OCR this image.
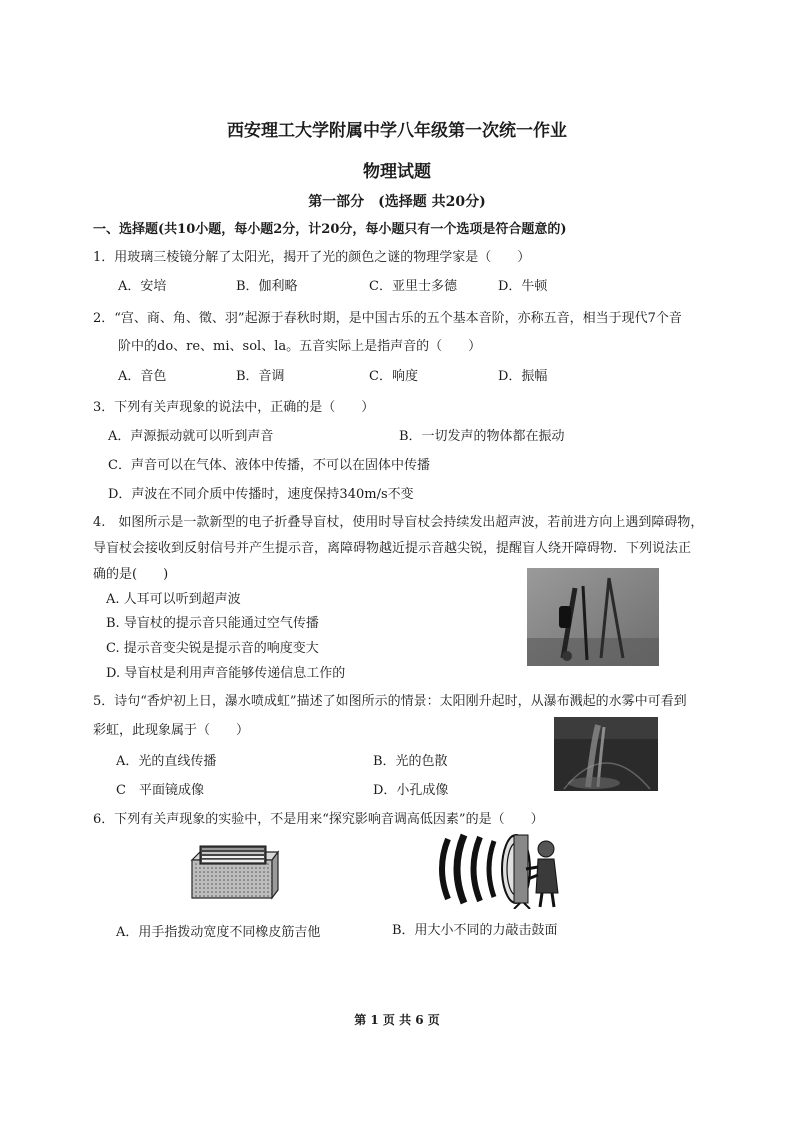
西安理工大学附属中学八年级第一次统一作业
物理试题
第一部分　(选择题 共20分)
一、选择题(共10小题，每小题2分，计20分，每小题只有一个选项是符合题意的)
1．用玻璃三棱镜分解了太阳光，揭开了光的颜色之谜的物理学家是（　　）
A．安培	B．伽利略	C．亚里士多德	D．牛顿
2．“宫、商、角、徵、羽”起源于春秋时期，是中国古乐的五个基本音阶，亦称五音，相当于现代7个音
阶中的do、re、mi、sol、la。五音实际上是指声音的（　　）
A．音色	B．音调	C．响度	D．振幅
3．下列有关声现象的说法中，正确的是（　　）
A．声源振动就可以听到声音	B．一切发声的物体都在振动
C．声音可以在气体、液体中传播，不可以在固体中传播
D．声波在不同介质中传播时，速度保持340m/s不变
4.　如图所示是一款新型的电子折叠导盲杖，使用时导盲杖会持续发出超声波，若前进方向上遇到障碍物，
导盲杖会接收到反射信号并产生提示音，离障碍物越近提示音越尖锐，提醒盲人绕开障碍物．下列说法正
确的是(　　)
A. 人耳可以听到超声波
B. 导盲杖的提示音只能通过空气传播
C. 提示音变尖锐是提示音的响度变大
D. 导盲杖是利用声音能够传递信息工作的
5．诗句“香炉初上日，瀑水喷成虹”描述了如图所示的情景：太阳刚升起时，从瀑布溅起的水雾中可看到
彩虹，此现象属于（　　）
A．光的直线传播	B．光的色散
C　平面镜成像	D．小孔成像
6．下列有关声现象的实验中，不是用来“探究影响音调高低因素”的是（　　）
A．用手指拨动宽度不同橡皮筋吉他	B．用大小不同的力敲击鼓面
第 1 页 共 6 页
